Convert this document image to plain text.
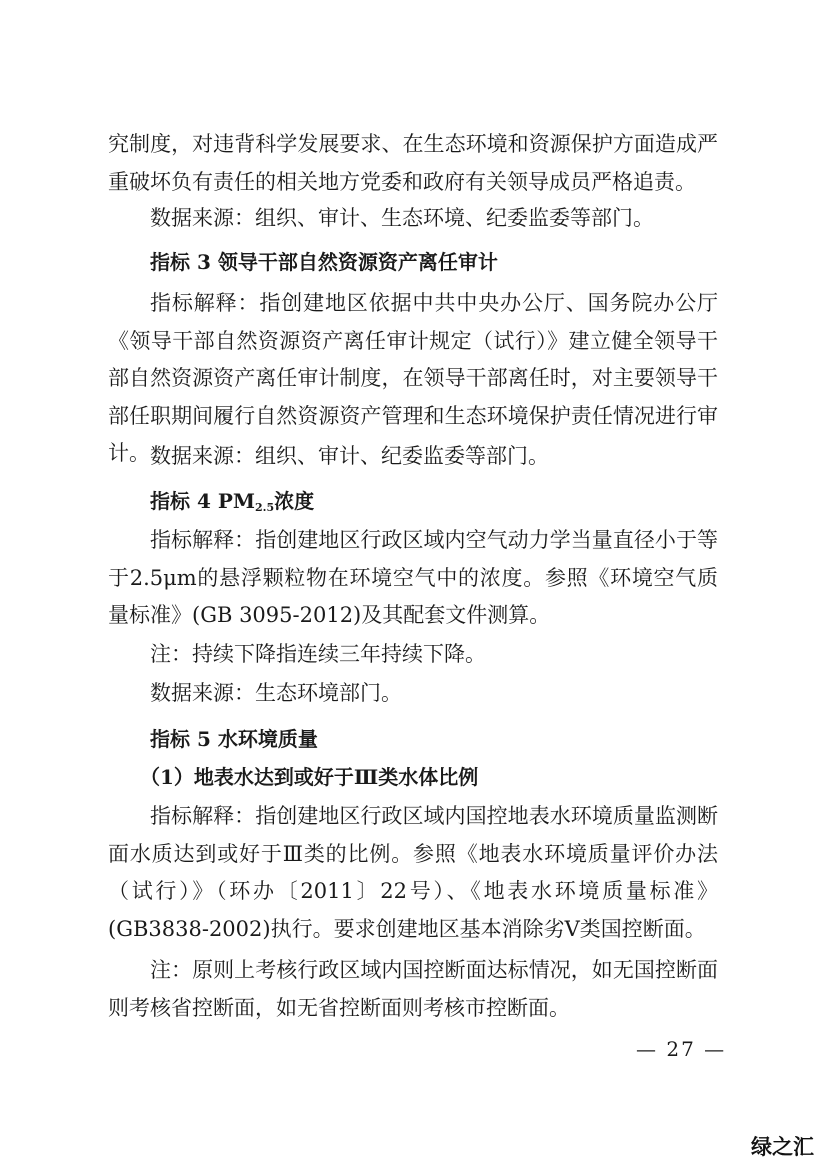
究制度，对违背科学发展要求、在生态环境和资源保护方面造成严重破坏负有责任的相关地方党委和政府有关领导成员严格追责。

数据来源：组织、审计、生态环境、纪委监委等部门。

指标 3 领导干部自然资源资产离任审计

指标解释：指创建地区依据中共中央办公厅、国务院办公厅《领导干部自然资源资产离任审计规定（试行）》建立健全领导干部自然资源资产离任审计制度，在领导干部离任时，对主要领导干部任职期间履行自然资源资产管理和生态环境保护责任情况进行审计。 数据来源：组织、审计、纪委监委等部门。

指标 4 $PM_{2.5}$浓度

指标解释：指创建地区行政区域内空气动力学当量直径小于等于2.5μm的悬浮颗粒物在环境空气中的浓度。参照《环境空气质量标准》(GB 3095-2012)及其配套文件测算。

注：持续下降指连续三年持续下降。

数据来源：生态环境部门。

指标 5 水环境质量
（1）地表水达到或好于Ⅲ类水体比例

指标解释：指创建地区行政区域内国控地表水环境质量监测断面水质达到或好于Ⅲ类的比例。参照《地表水环境质量评价办法（试行）》（环办〔2011〕22号）、《地表水环境质量标准》(GB3838-2002)执行。要求创建地区基本消除劣Ⅴ类国控断面。

注：原则上考核行政区域内国控断面达标情况，如无国控断面则考核省控断面，如无省控断面则考核市控断面。

— 27 —
绿之汇
